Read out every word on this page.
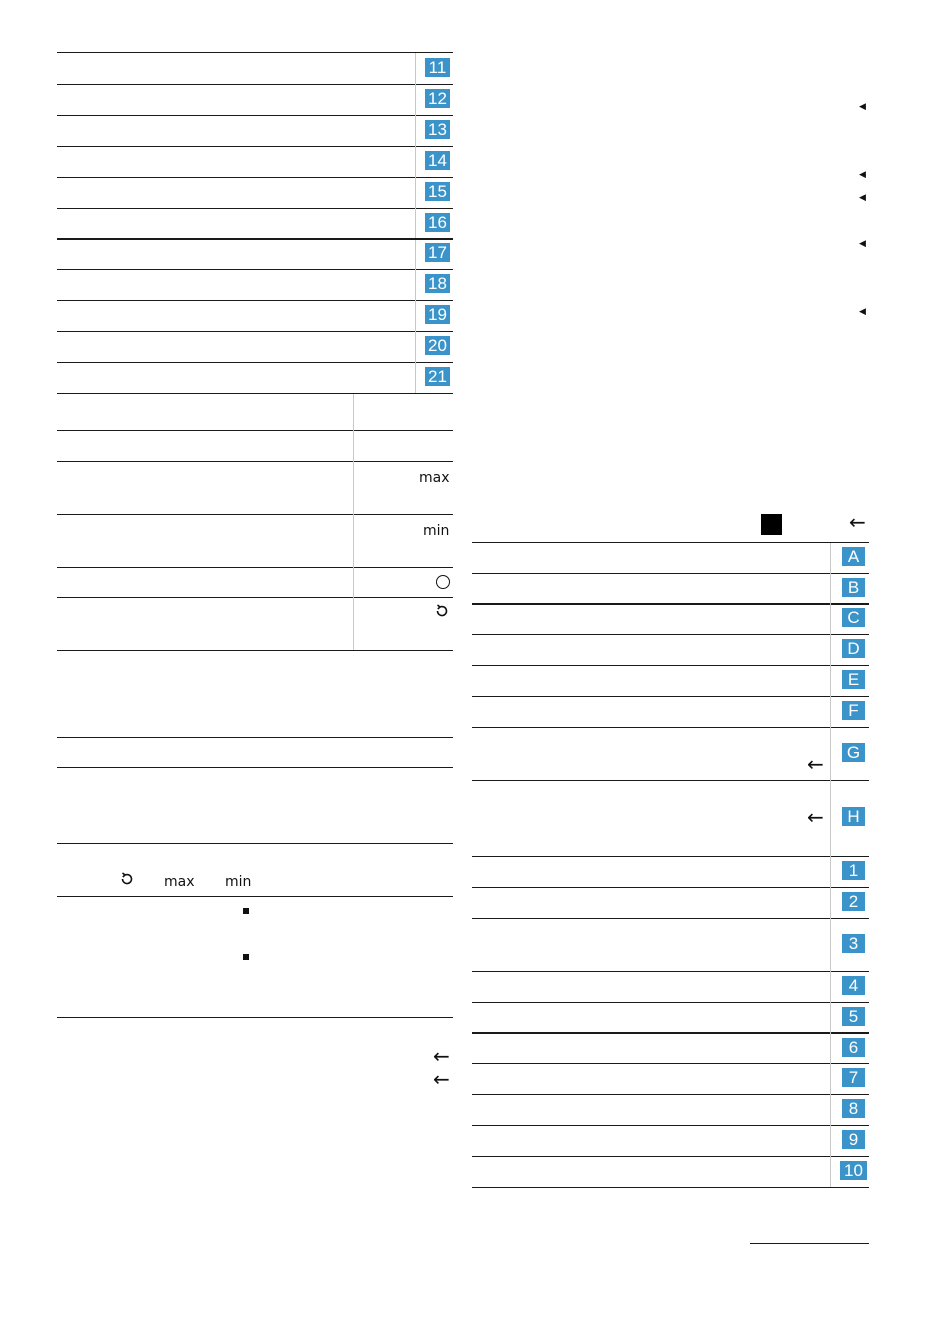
11
12
13
14
15
16
17
18
19
20
21
max
min
max min
←
←
◀
◀
◀
◀
◀
←
A
B
C
D
E
F
G
H
←
←
1
2
3
4
5
6
7
8
9
10
